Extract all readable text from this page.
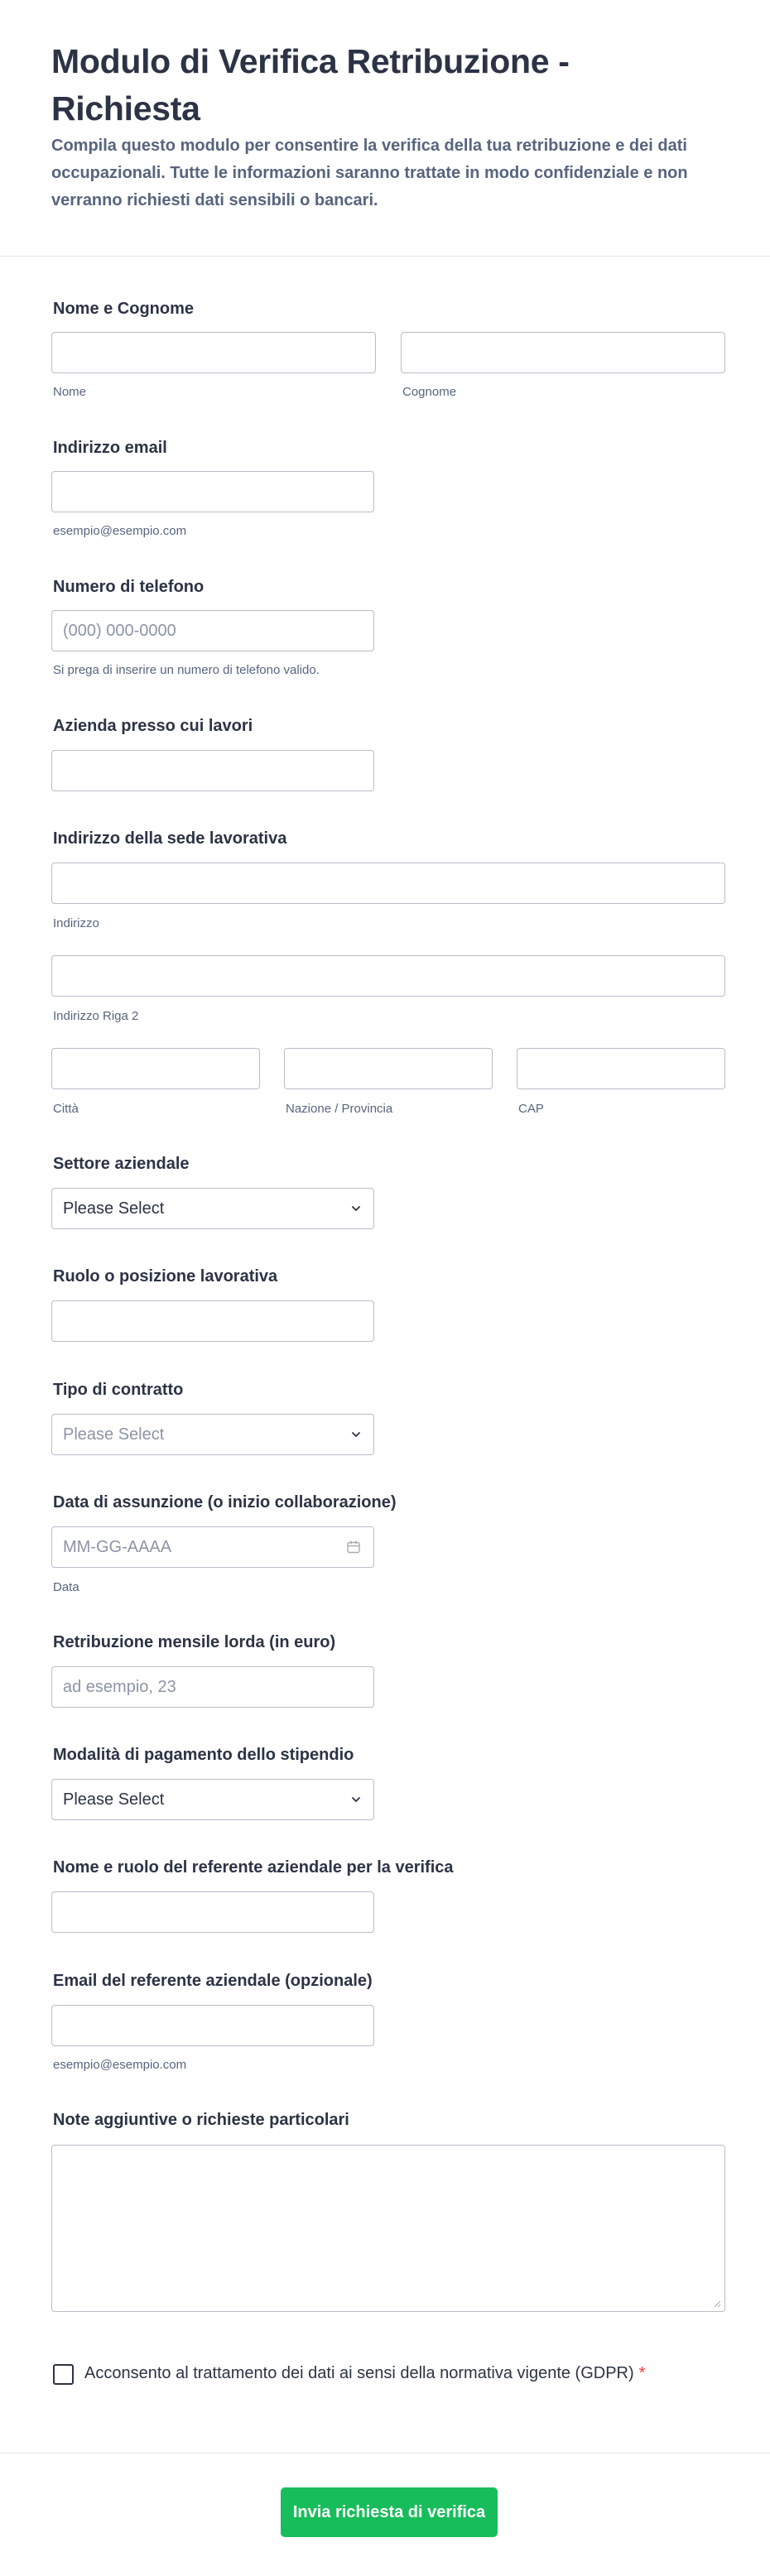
Modulo di Verifica Retribuzione - Richiesta

Compila questo modulo per consentire la verifica della tua retribuzione e dei dati occupazionali. Tutte le informazioni saranno trattate in modo confidenziale e non verranno richiesti dati sensibili o bancari.

Nome e Cognome
Nome	Cognome
Indirizzo email
esempio@esempio.com
Numero di telefono
(000) 000-0000
Si prega di inserire un numero di telefono valido.
Azienda presso cui lavori
Indirizzo della sede lavorativa
Indirizzo
Indirizzo Riga 2
Città	Nazione / Provincia	CAP
Settore aziendale
Please Select
Ruolo o posizione lavorativa
Tipo di contratto
Please Select
Data di assunzione (o inizio collaborazione)
MM-GG-AAAA
Data
Retribuzione mensile lorda (in euro)
ad esempio, 23
Modalità di pagamento dello stipendio
Please Select
Nome e ruolo del referente aziendale per la verifica
Email del referente aziendale (opzionale)
esempio@esempio.com
Note aggiuntive o richieste particolari
Acconsento al trattamento dei dati ai sensi della normativa vigente (GDPR) *
Invia richiesta di verifica
